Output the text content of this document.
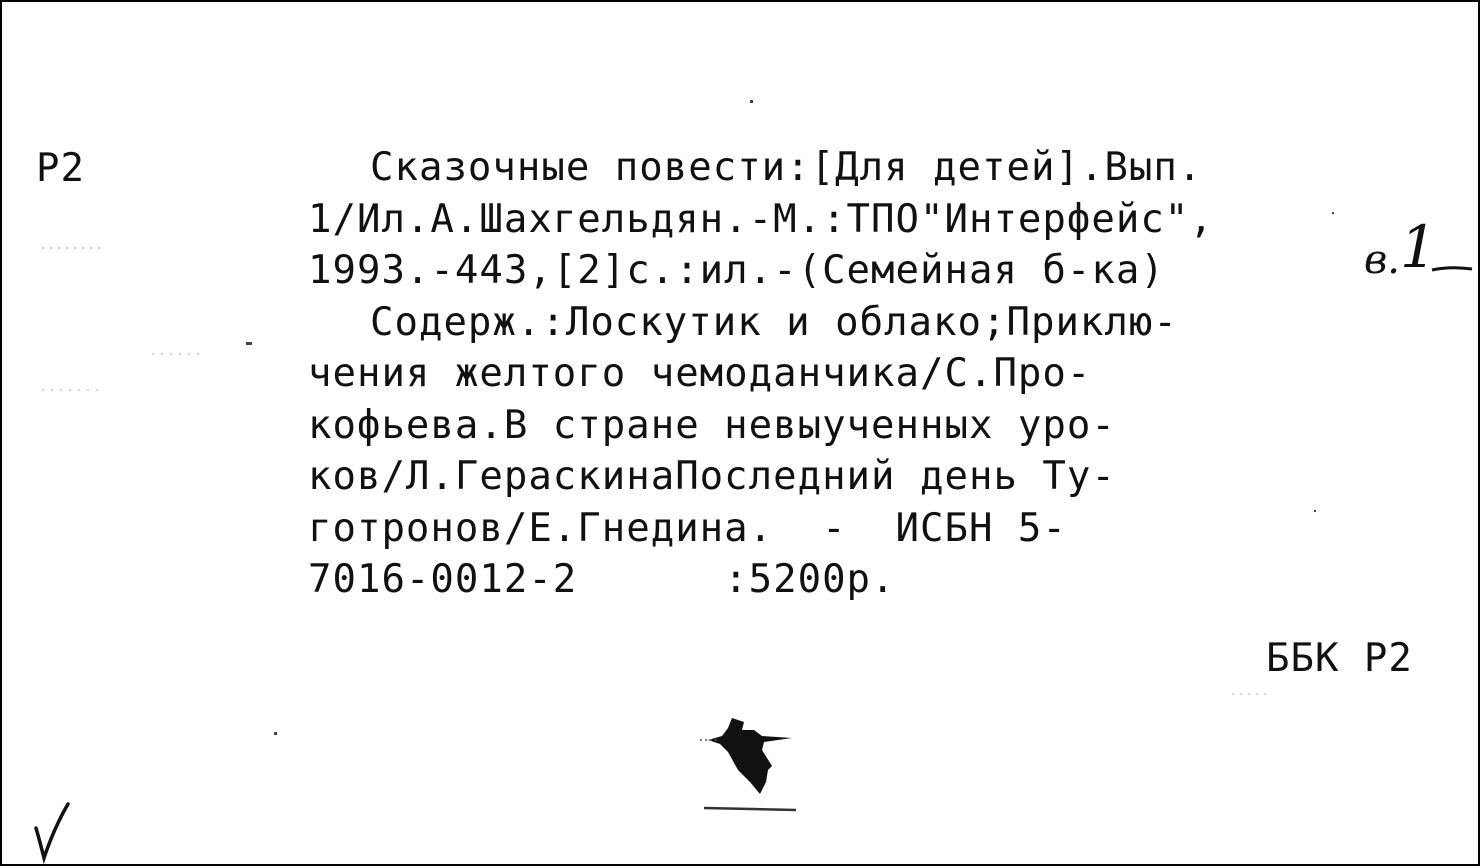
Р2	Сказочные повести:[Для детей].Вып.
1/Ил.А.Шахгельдян.-М.:ТПО"Интерфейс",
1993.-443,[2]с.:ил.-(Семейная б-ка)
Содерж.:Лоскутик и облако;Приклю-
чения желтого чемоданчика/С.Про-
кофьева.В стране невыученных уро-
ков/Л.ГераскинаПоследний день Ту-
готронов/Е.Гнедина.  -  ИСБН 5-
7016-0012-2      :5200р.
в.1
ББК Р2
